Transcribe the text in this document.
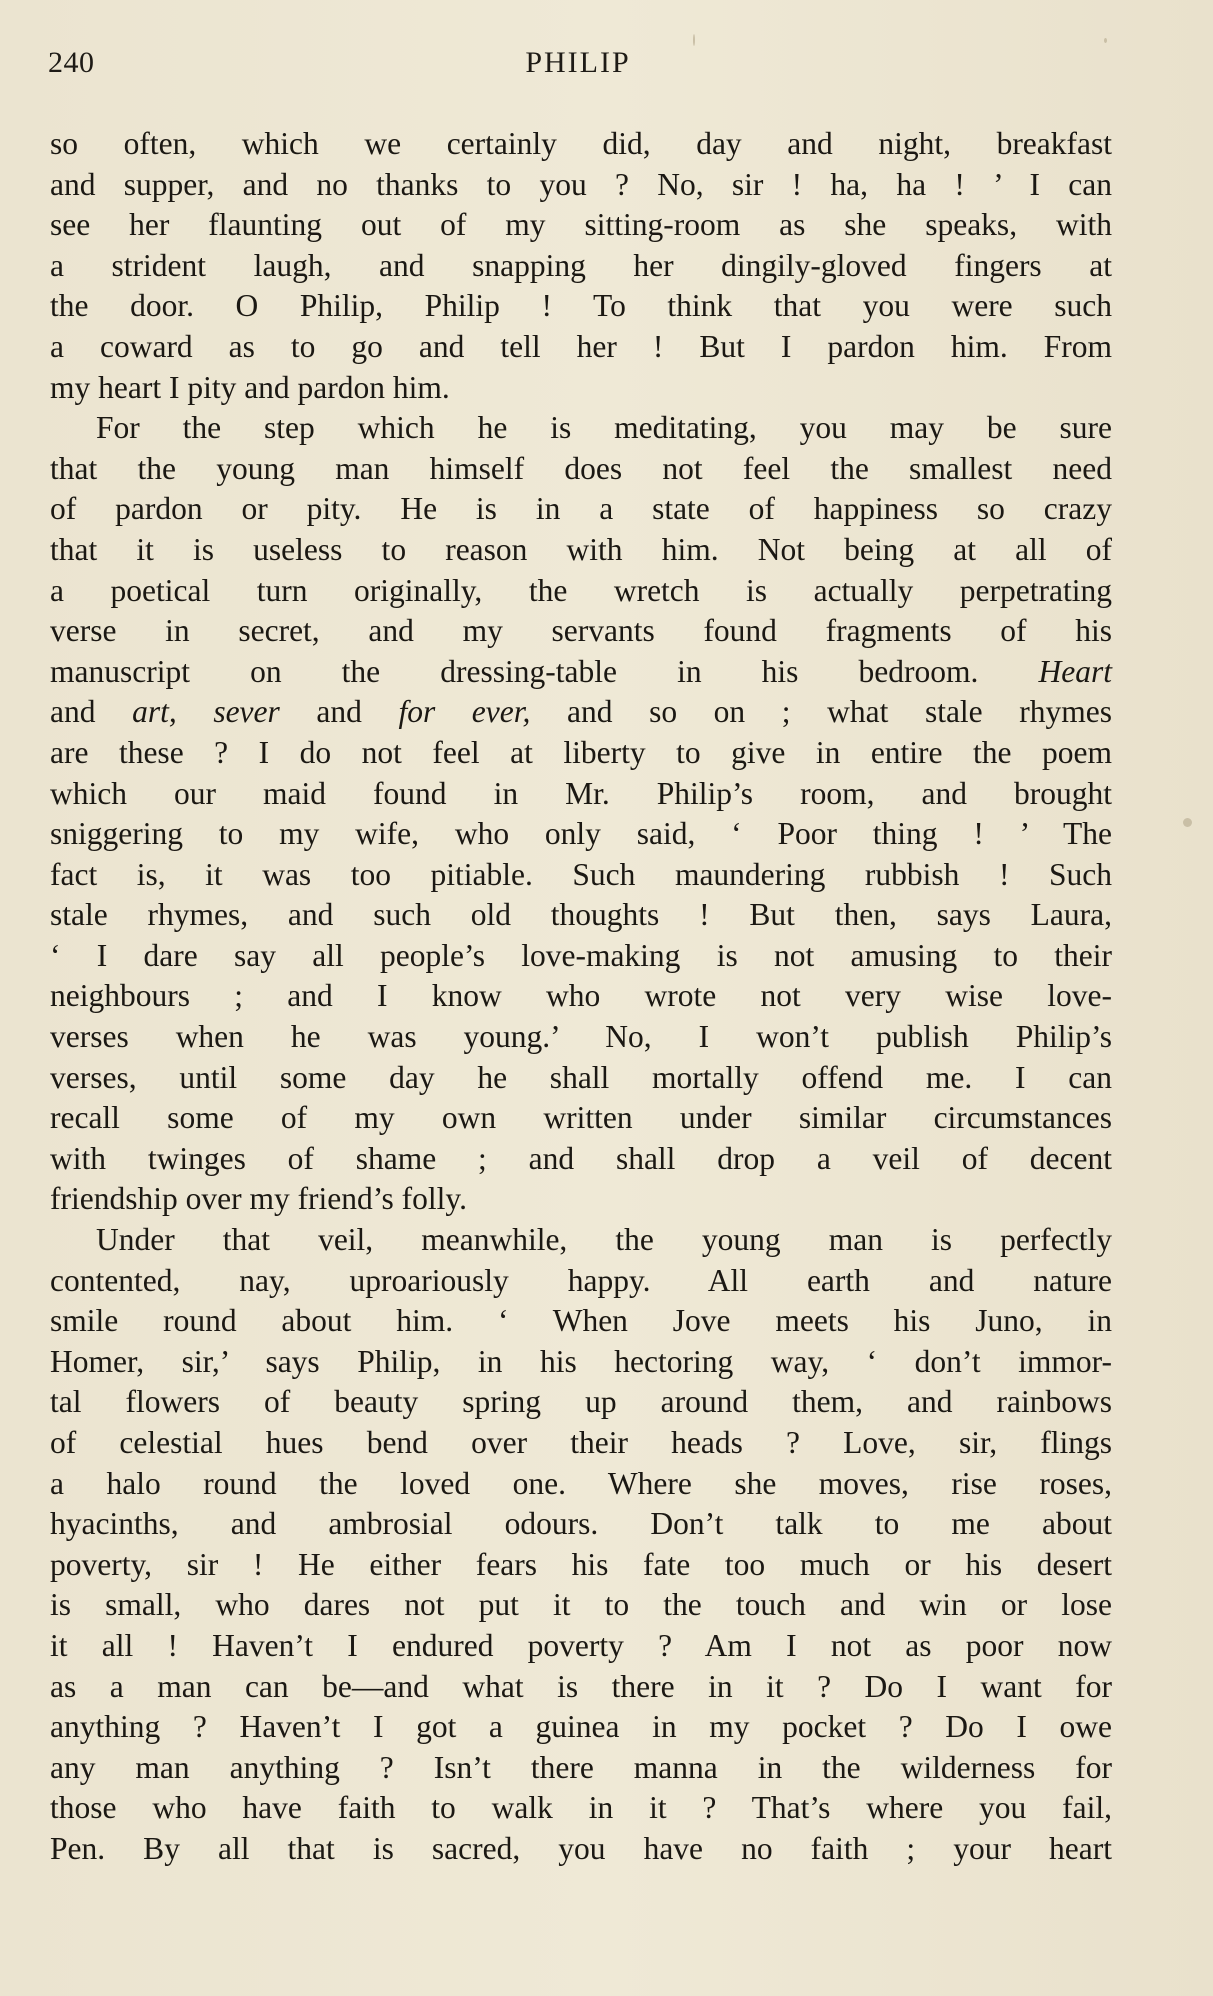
240	PHILIP
so often, which we certainly did, day and night, breakfast
and supper, and no thanks to you ? No, sir ! ha, ha ! ’ I can
see her flaunting out of my sitting-room as she speaks, with
a strident laugh, and snapping her dingily-gloved fingers at
the door. O Philip, Philip ! To think that you were such
a coward as to go and tell her ! But I pardon him. From
my heart I pity and pardon him.
For the step which he is meditating, you may be sure
that the young man himself does not feel the smallest need
of pardon or pity. He is in a state of happiness so crazy
that it is useless to reason with him. Not being at all of
a poetical turn originally, the wretch is actually perpetrating
verse in secret, and my servants found fragments of his
manuscript on the dressing-table in his bedroom. Heart
and art, sever and for ever, and so on ; what stale rhymes
are these ? I do not feel at liberty to give in entire the poem
which our maid found in Mr. Philip’s room, and brought
sniggering to my wife, who only said, ‘ Poor thing ! ’ The
fact is, it was too pitiable. Such maundering rubbish ! Such
stale rhymes, and such old thoughts ! But then, says Laura,
‘ I dare say all people’s love-making is not amusing to their
neighbours ; and I know who wrote not very wise love-
verses when he was young.’ No, I won’t publish Philip’s
verses, until some day he shall mortally offend me. I can
recall some of my own written under similar circumstances
with twinges of shame ; and shall drop a veil of decent
friendship over my friend’s folly.
Under that veil, meanwhile, the young man is perfectly
contented, nay, uproariously happy. All earth and nature
smile round about him. ‘ When Jove meets his Juno, in
Homer, sir,’ says Philip, in his hectoring way, ‘ don’t immor-
tal flowers of beauty spring up around them, and rainbows
of celestial hues bend over their heads ? Love, sir, flings
a halo round the loved one. Where she moves, rise roses,
hyacinths, and ambrosial odours. Don’t talk to me about
poverty, sir ! He either fears his fate too much or his desert
is small, who dares not put it to the touch and win or lose
it all ! Haven’t I endured poverty ? Am I not as poor now
as a man can be—and what is there in it ? Do I want for
anything ? Haven’t I got a guinea in my pocket ? Do I owe
any man anything ? Isn’t there manna in the wilderness for
those who have faith to walk in it ? That’s where you fail,
Pen. By all that is sacred, you have no faith ; your heart
